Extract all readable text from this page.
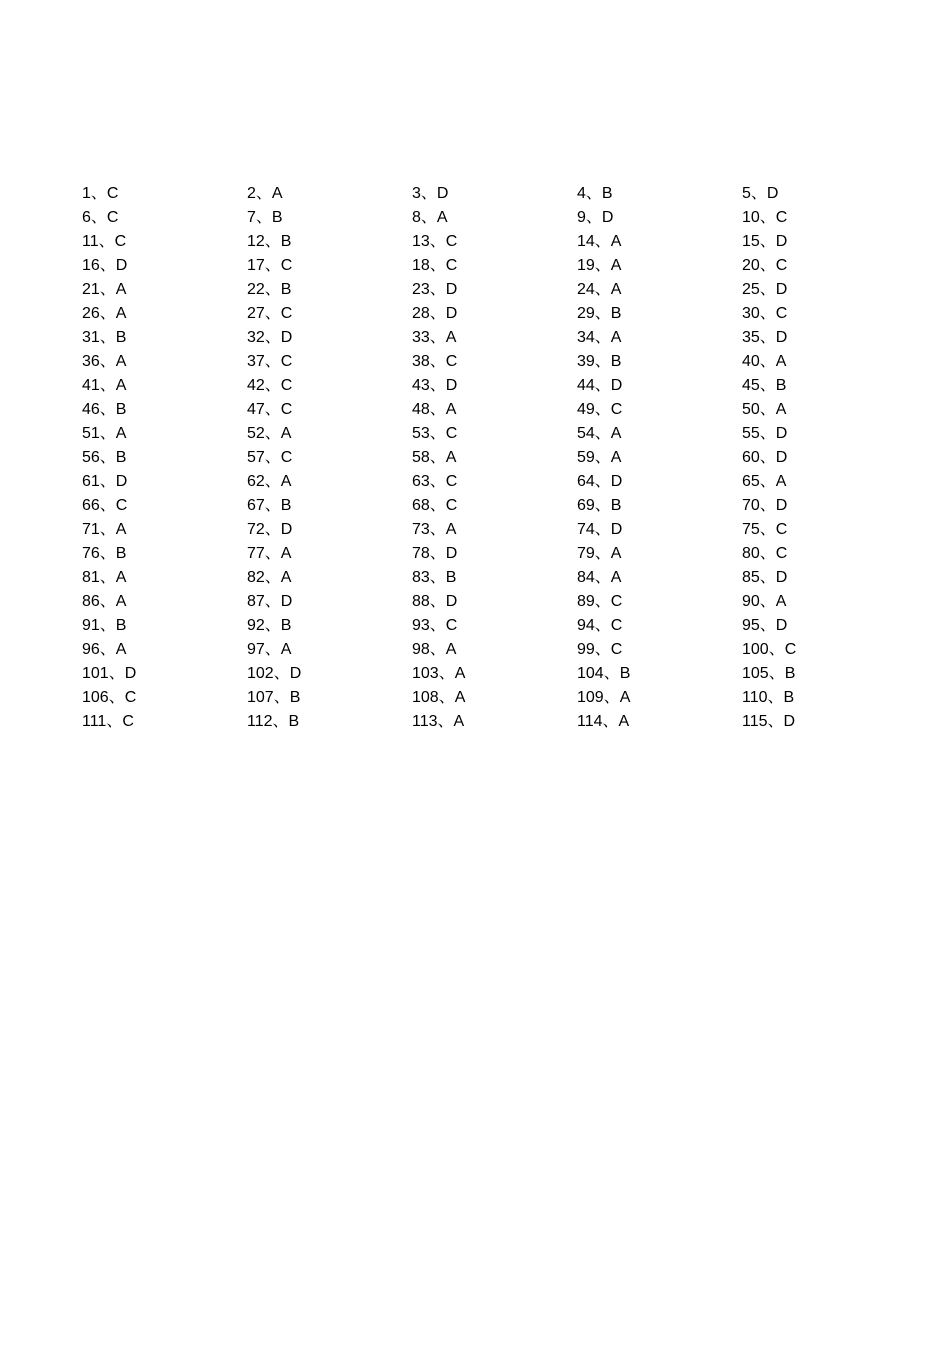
1、C	2、A	3、D	4、B	5、D
6、C	7、B	8、A	9、D	10、C
11、C	12、B	13、C	14、A	15、D
16、D	17、C	18、C	19、A	20、C
21、A	22、B	23、D	24、A	25、D
26、A	27、C	28、D	29、B	30、C
31、B	32、D	33、A	34、A	35、D
36、A	37、C	38、C	39、B	40、A
41、A	42、C	43、D	44、D	45、B
46、B	47、C	48、A	49、C	50、A
51、A	52、A	53、C	54、A	55、D
56、B	57、C	58、A	59、A	60、D
61、D	62、A	63、C	64、D	65、A
66、C	67、B	68、C	69、B	70、D
71、A	72、D	73、A	74、D	75、C
76、B	77、A	78、D	79、A	80、C
81、A	82、A	83、B	84、A	85、D
86、A	87、D	88、D	89、C	90、A
91、B	92、B	93、C	94、C	95、D
96、A	97、A	98、A	99、C	100、C
101、D	102、D	103、A	104、B	105、B
106、C	107、B	108、A	109、A	110、B
111、C	112、B	113、A	114、A	115、D
